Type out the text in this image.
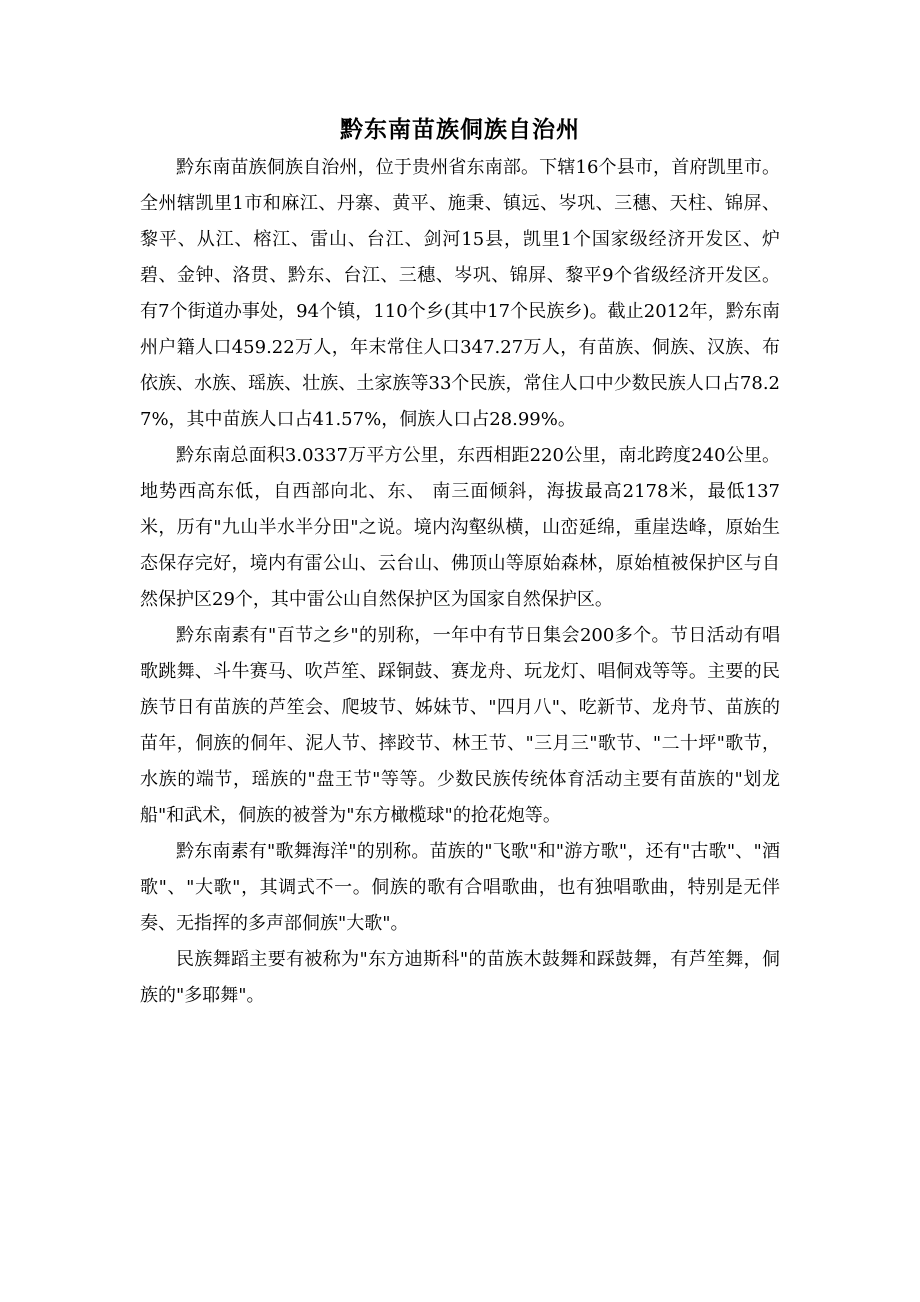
黔东南苗族侗族自治州

黔东南苗族侗族自治州，位于贵州省东南部。下辖16个县市，首府凯里市。全州辖凯里1市和麻江、丹寨、黄平、施秉、镇远、岑巩、三穗、天柱、锦屏、黎平、从江、榕江、雷山、台江、剑河15县，凯里1个国家级经济开发区、炉碧、金钟、洛贯、黔东、台江、三穗、岑巩、锦屏、黎平9个省级经济开发区。有7个街道办事处，94个镇，110个乡(其中17个民族乡)。截止2012年，黔东南州户籍人口459.22万人，年末常住人口347.27万人，有苗族、侗族、汉族、布依族、水族、瑶族、壮族、土家族等33个民族，常住人口中少数民族人口占78.27%，其中苗族人口占41.57%，侗族人口占28.99%。

黔东南总面积3.0337万平方公里，东西相距220公里，南北跨度240公里。地势西高东低，自西部向北、东、 南三面倾斜，海拔最高2178米，最低137米，历有"九山半水半分田"之说。境内沟壑纵横，山峦延绵，重崖迭峰，原始生态保存完好，境内有雷公山、云台山、佛顶山等原始森林，原始植被保护区与自然保护区29个，其中雷公山自然保护区为国家自然保护区。

黔东南素有"百节之乡"的别称，一年中有节日集会200多个。节日活动有唱歌跳舞、斗牛赛马、吹芦笙、踩铜鼓、赛龙舟、玩龙灯、唱侗戏等等。主要的民族节日有苗族的芦笙会、爬坡节、姊妹节、"四月八"、吃新节、龙舟节、苗族的苗年，侗族的侗年、泥人节、摔跤节、林王节、"三月三"歌节、"二十坪"歌节，水族的端节，瑶族的"盘王节"等等。少数民族传统体育活动主要有苗族的"划龙船"和武术，侗族的被誉为"东方橄榄球"的抢花炮等。

黔东南素有"歌舞海洋"的别称。苗族的"飞歌"和"游方歌"，还有"古歌"、"酒歌"、"大歌"，其调式不一。侗族的歌有合唱歌曲，也有独唱歌曲，特别是无伴奏、无指挥的多声部侗族"大歌"。

民族舞蹈主要有被称为"东方迪斯科"的苗族木鼓舞和踩鼓舞，有芦笙舞，侗族的"多耶舞"。
